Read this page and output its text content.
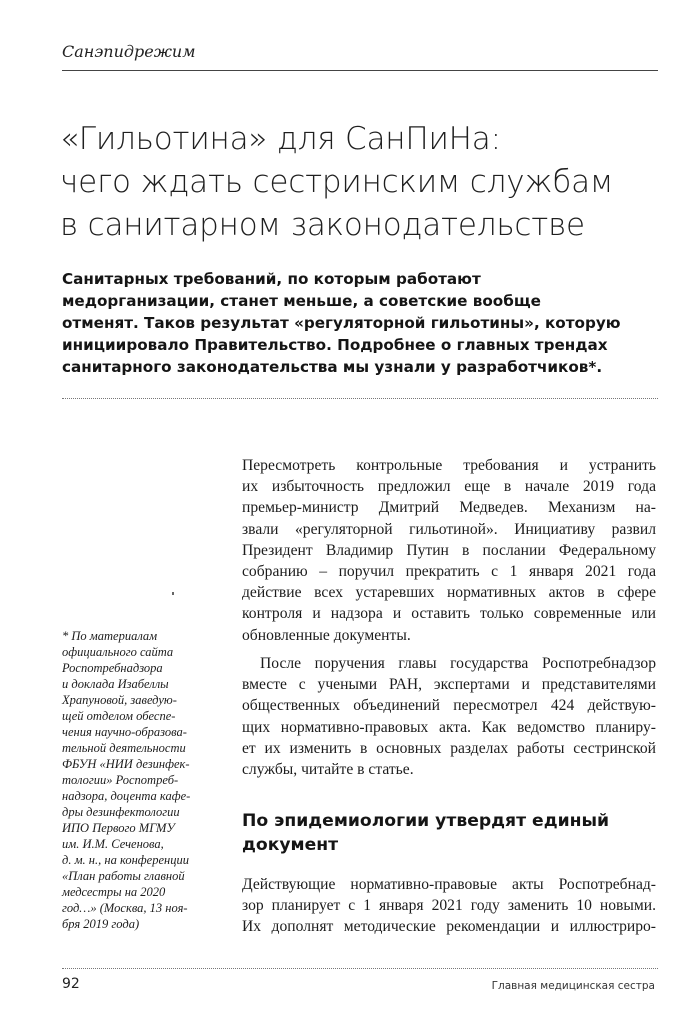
Санэпидрежим
«Гильотина» для СанПиНа:
чего ждать сестринским службам
в санитарном законодательстве
Санитарных требований, по которым работают
медорганизации, станет меньше, а советские вообще
отменят. Таков результат «регуляторной гильотины», которую
инициировало Правительство. Подробнее о главных трендах
санитарного законодательства мы узнали у разработчиков*.
Пересмотреть контрольные требования и устранить
их избыточность предложил еще в начале 2019 года
премьер-министр Дмитрий Медведев. Механизм на-
звали «регуляторной гильотиной». Инициативу развил
Президент Владимир Путин в послании Федеральному
собранию – поручил прекратить с 1 января 2021 года
действие всех устаревших нормативных актов в сфере
контроля и надзора и оставить только современные или
обновленные документы.
После поручения главы государства Роспотребнадзор
вместе с учеными РАН, экспертами и представителями
общественных объединений пересмотрел 424 действую-
щих нормативно-правовых акта. Как ведомство планиру-
ет их изменить в основных разделах работы сестринской
службы, читайте в статье.
По эпидемиологии утвердят единый
документ
Действующие нормативно-правовые акты Роспотребнад-
зор планирует с 1 января 2021 году заменить 10 новыми.
Их дополнят методические рекомендации и иллюстриро-
* По материалам
официального сайта
Роспотребнадзора
и доклада Изабеллы
Храпуновой, заведую-
щей отделом обеспе-
чения научно-образова-
тельной деятельности
ФБУН «НИИ дезинфек-
тологии» Роспотреб-
надзора, доцента кафе-
дры дезинфектологии
ИПО Первого МГМУ
им. И.М. Сеченова,
д. м. н., на конференции
«План работы главной
медсестры на 2020
год…» (Москва, 13 ноя-
бря 2019 года)
92	Главная медицинская сестра
